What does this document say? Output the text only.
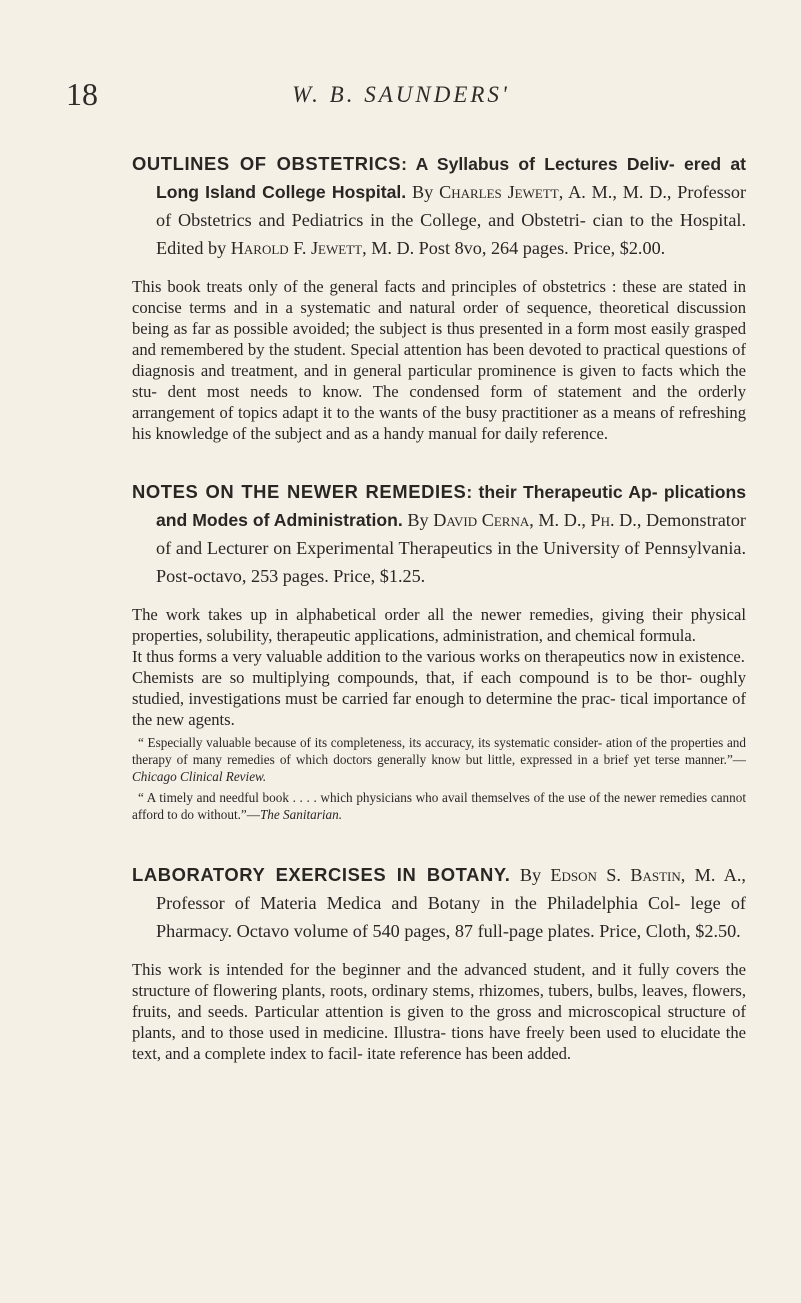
18	W. B. SAUNDERS'

OUTLINES OF OBSTETRICS: A Syllabus of Lectures Deliv- ered at Long Island College Hospital. By Charles Jewett, A. M., M. D., Professor of Obstetrics and Pediatrics in the College, and Obstetri- cian to the Hospital. Edited by Harold F. Jewett, M. D. Post 8vo, 264 pages. Price, $2.00.

This book treats only of the general facts and principles of obstetrics : these are stated in concise terms and in a systematic and natural order of sequence, theoretical discussion being as far as possible avoided; the subject is thus presented in a form most easily grasped and remembered by the student. Special attention has been devoted to practical questions of diagnosis and treatment, and in general particular prominence is given to facts which the stu- dent most needs to know. The condensed form of statement and the orderly arrangement of topics adapt it to the wants of the busy practitioner as a means of refreshing his knowledge of the subject and as a handy manual for daily reference.

NOTES ON THE NEWER REMEDIES: their Therapeutic Ap- plications and Modes of Administration. By David Cerna, M. D., Ph. D., Demonstrator of and Lecturer on Experimental Therapeutics in the University of Pennsylvania. Post-octavo, 253 pages. Price, $1.25.

The work takes up in alphabetical order all the newer remedies, giving their physical properties, solubility, therapeutic applications, administration, and chemical formula.

It thus forms a very valuable addition to the various works on therapeutics now in existence.

Chemists are so multiplying compounds, that, if each compound is to be thor- oughly studied, investigations must be carried far enough to determine the prac- tical importance of the new agents.

“ Especially valuable because of its completeness, its accuracy, its systematic consider- ation of the properties and therapy of many remedies of which doctors generally know but little, expressed in a brief yet terse manner.”—Chicago Clinical Review.

“ A timely and needful book . . . . which physicians who avail themselves of the use of the newer remedies cannot afford to do without.”—The Sanitarian.

LABORATORY EXERCISES IN BOTANY. By Edson S. Bastin, M. A., Professor of Materia Medica and Botany in the Philadelphia Col- lege of Pharmacy. Octavo volume of 540 pages, 87 full-page plates. Price, Cloth, $2.50.

This work is intended for the beginner and the advanced student, and it fully covers the structure of flowering plants, roots, ordinary stems, rhizomes, tubers, bulbs, leaves, flowers, fruits, and seeds. Particular attention is given to the gross and microscopical structure of plants, and to those used in medicine. Illustra- tions have freely been used to elucidate the text, and a complete index to facil- itate reference has been added.
